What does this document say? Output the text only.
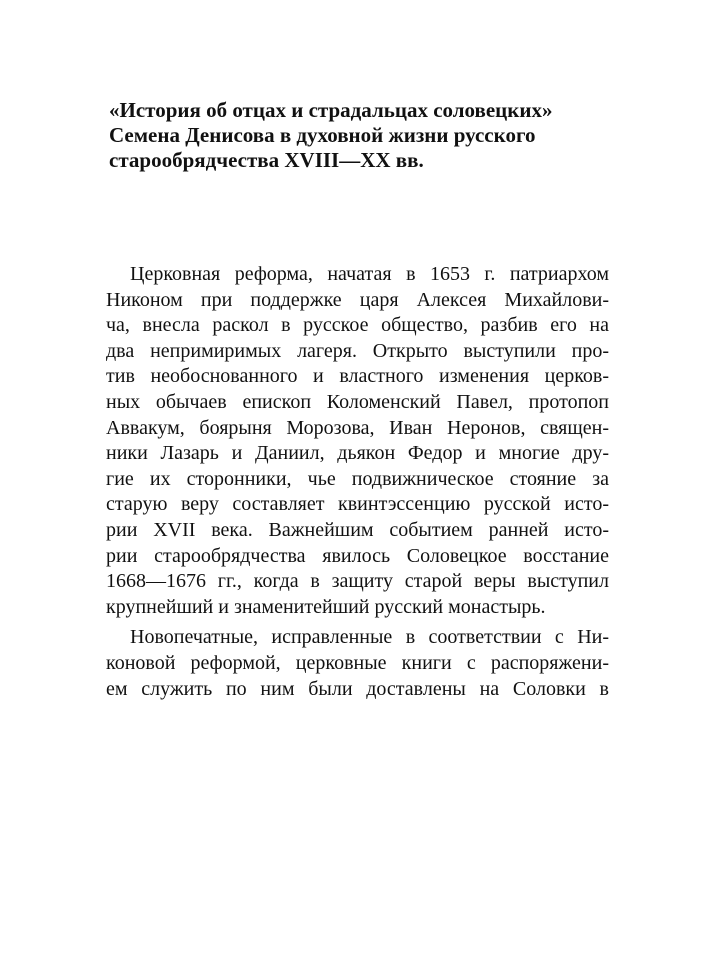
«История об отцах и страдальцах соловецких»
Семена Денисова в духовной жизни русского
старообрядчества XVIII—XX вв.
Церковная реформа, начатая в 1653 г. патриархом
Никоном при поддержке царя Алексея Михайлови-
ча, внесла раскол в русское общество, разбив его на
два непримиримых лагеря. Открыто выступили про-
тив необоснованного и властного изменения церков-
ных обычаев епископ Коломенский Павел, протопоп
Аввакум, боярыня Морозова, Иван Неронов, священ-
ники Лазарь и Даниил, дьякон Федор и многие дру-
гие их сторонники, чье подвижническое стояние за
старую веру составляет квинтэссенцию русской исто-
рии XVII века. Важнейшим событием ранней исто-
рии старообрядчества явилось Соловецкое восстание
1668—1676 гг., когда в защиту старой веры выступил
крупнейший и знаменитейший русский монастырь.
Новопечатные, исправленные в соответствии с Ни-
коновой реформой, церковные книги с распоряжени-
ем служить по ним были доставлены на Соловки в
